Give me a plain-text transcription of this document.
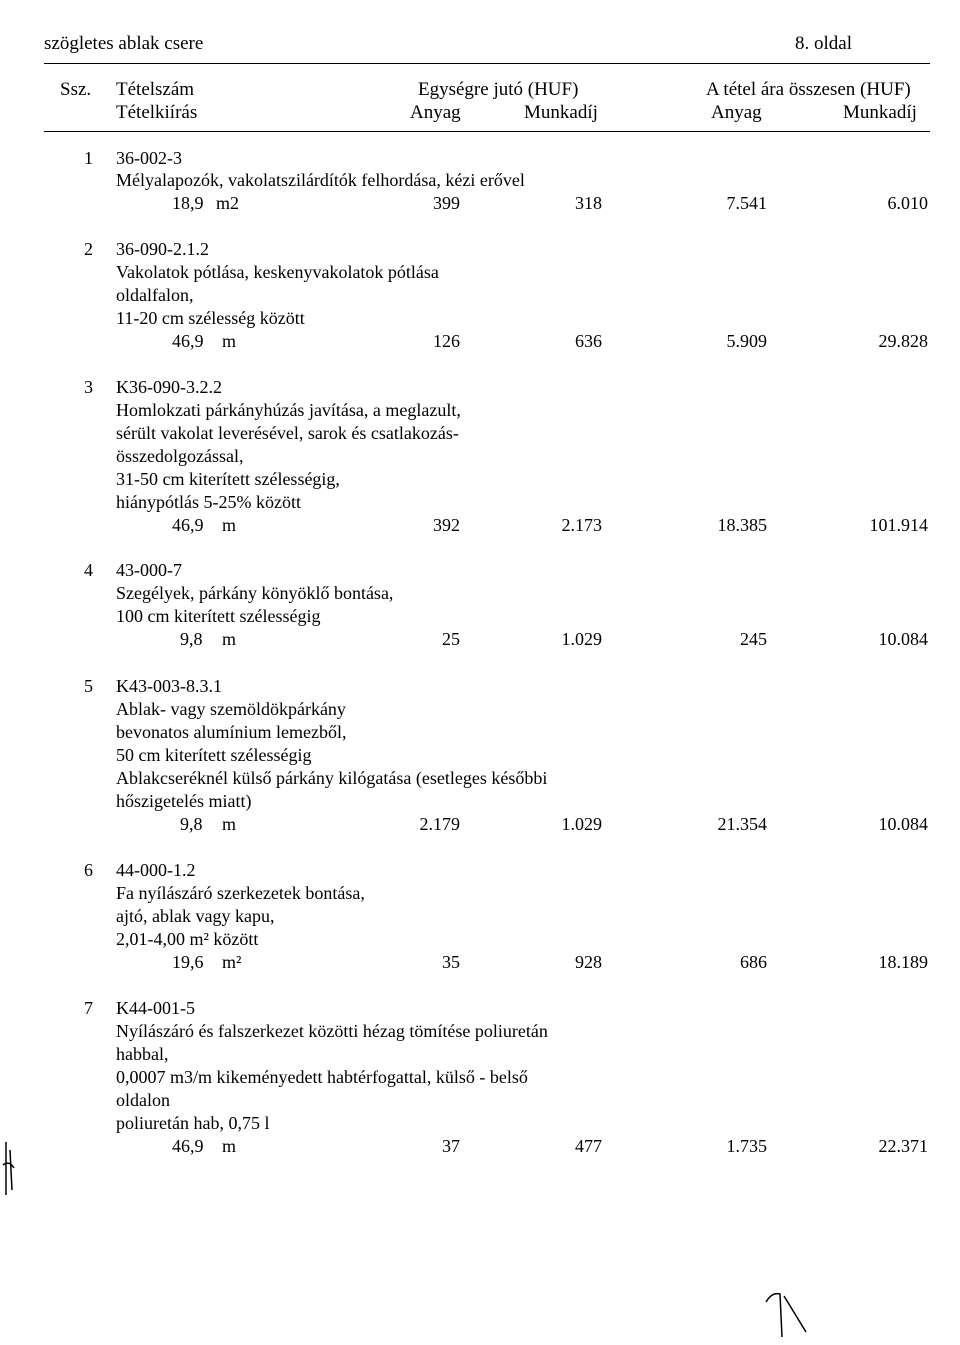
szögletes ablak csere	8. oldal
Ssz. Tételszám
Tételkiírás
Egységre jutó (HUF)	A tétel ára összesen (HUF)
Anyag	Munkadíj	Anyag	Munkadíj
1 36-002-3
Mélyalapozók, vakolatszilárdítók felhordása, kézi erővel
18,9 m2	399	318	7.541	6.010
2 36-090-2.1.2
Vakolatok pótlása, keskenyvakolatok pótlása
oldalfalon,
11-20 cm szélesség között
46,9 m	126	636	5.909	29.828
3 K36-090-3.2.2
Homlokzati párkányhúzás javítása, a meglazult,
sérült vakolat leverésével, sarok és csatlakozás-
összedolgozással,
31-50 cm kiterített szélességig,
hiánypótlás 5-25% között
46,9 m	392	2.173	18.385	101.914
4 43-000-7
Szegélyek, párkány könyöklő bontása,
100 cm kiterített szélességig
9,8 m	25	1.029	245	10.084
5 K43-003-8.3.1
Ablak- vagy szemöldökpárkány
bevonatos alumínium lemezből,
50 cm kiterített szélességig
Ablakcseréknél külső párkány kilógatása (esetleges későbbi
hőszigetelés miatt)
9,8 m	2.179	1.029	21.354	10.084
6 44-000-1.2
Fa nyílászáró szerkezetek bontása,
ajtó, ablak vagy kapu,
2,01-4,00 m² között
19,6 m²	35	928	686	18.189
7 K44-001-5
Nyílászáró és falszerkezet közötti hézag tömítése poliuretán
habbal,
0,0007 m3/m kikeményedett habtérfogattal, külső - belső
oldalon
poliuretán hab, 0,75 l
46,9 m	37	477	1.735	22.371
